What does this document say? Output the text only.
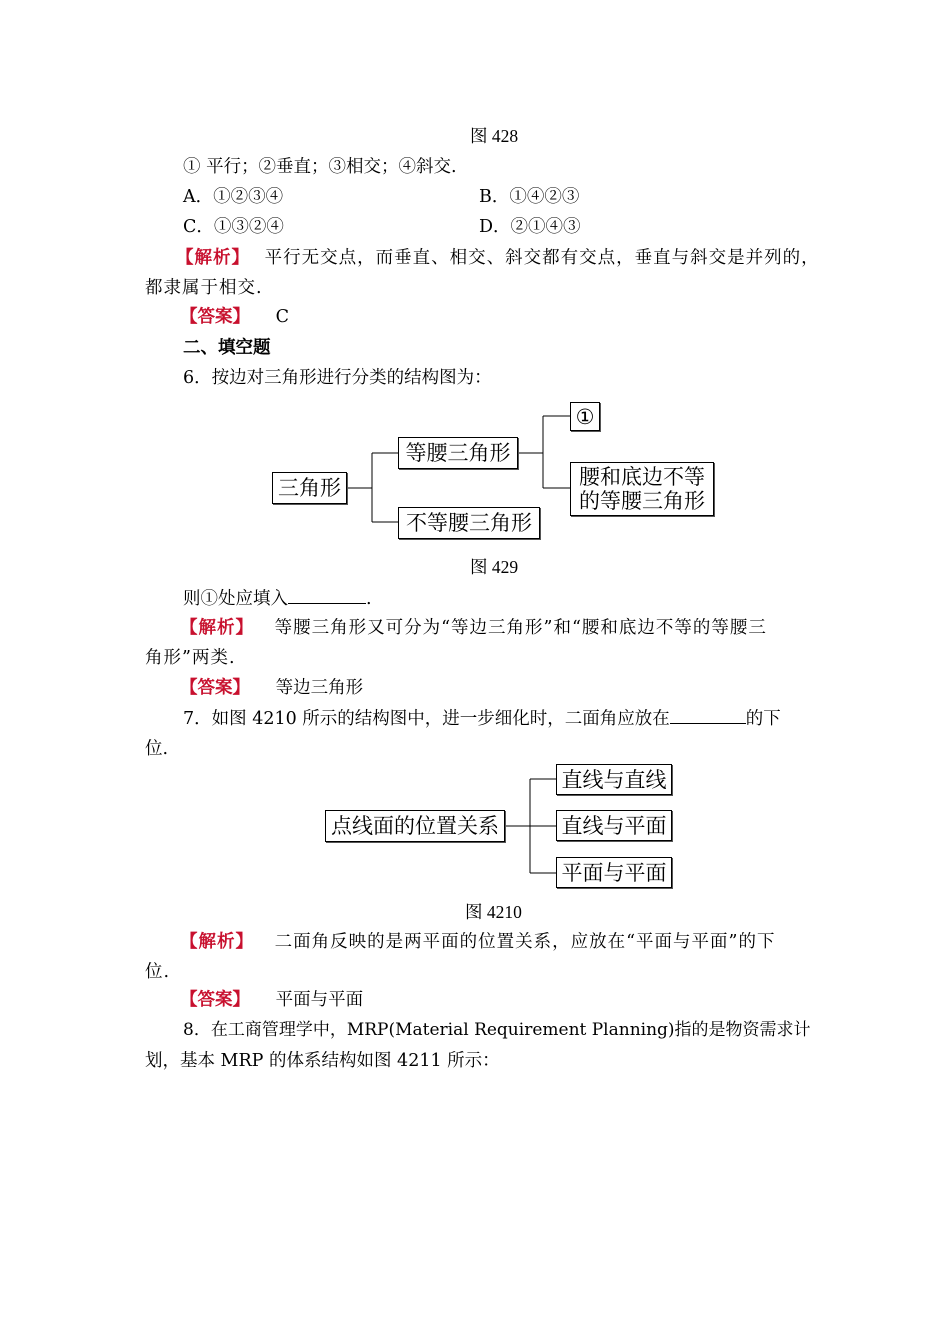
图 428
① 平行；②垂直；③相交；④斜交.
A．①②③④	B．①④②③
C．①③②④	D．②①④③
【解析】 平行无交点，而垂直、相交、斜交都有交点，垂直与斜交是并列的，
都隶属于相交.
【答案】 C
二、填空题
6．按边对三角形进行分类的结构图为：
三角形
等腰三角形
不等腰三角形
①
腰和底边不等
的等腰三角形
图 429
则①处应填入	.
【解析】 等腰三角形又可分为“等边三角形”和“腰和底边不等的等腰三
角形”两类.
【答案】 等边三角形
7．如图 4210 所示的结构图中，进一步细化时，二面角应放在	的下
位.
点线面的位置关系
直线与直线
直线与平面
平面与平面
图 4210
【解析】 二面角反映的是两平面的位置关系，应放在“平面与平面”的下
位.
【答案】 平面与平面
8．在工商管理学中，MRP(Material Requirement Planning)指的是物资需求计
划，基本 MRP 的体系结构如图 4211 所示：
